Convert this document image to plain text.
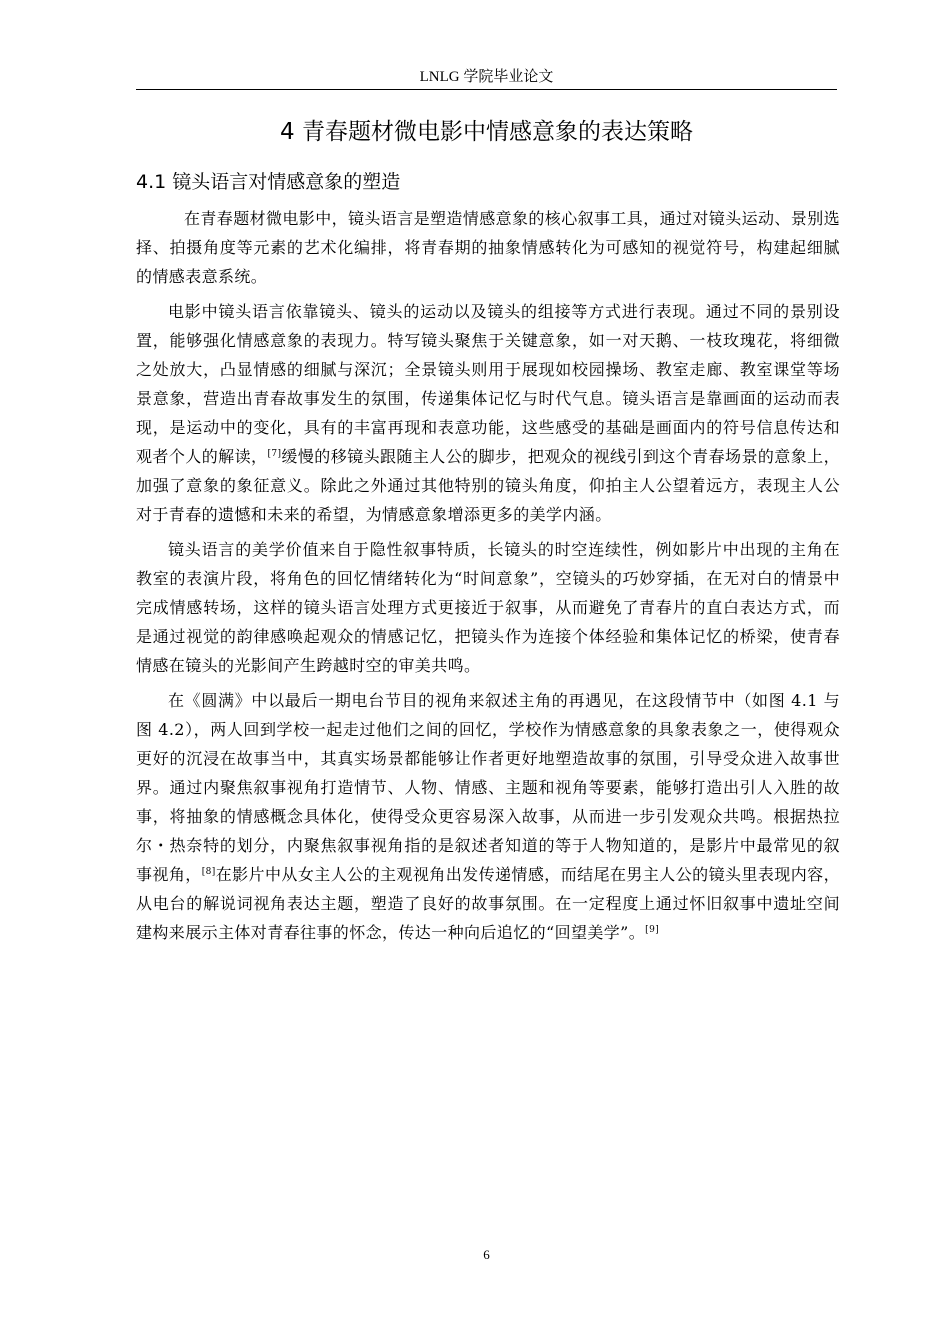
LNLG 学院毕业论文
4 青春题材微电影中情感意象的表达策略
4.1 镜头语言对情感意象的塑造

在青春题材微电影中，镜头语言是塑造情感意象的核心叙事工具，通过对镜头运动、景别选择、拍摄角度等元素的艺术化编排，将青春期的抽象情感转化为可感知的视觉符号，构建起细腻的情感表意系统。

电影中镜头语言依靠镜头、镜头的运动以及镜头的组接等方式进行表现。通过不同的景别设置，能够强化情感意象的表现力。特写镜头聚焦于关键意象，如一对天鹅、一枝玫瑰花，将细微之处放大，凸显情感的细腻与深沉；全景镜头则用于展现如校园操场、教室走廊、教室课堂等场景意象，营造出青春故事发生的氛围，传递集体记忆与时代气息。镜头语言是靠画面的运动而表现，是运动中的变化，具有的丰富再现和表意功能，这些感受的基础是画面内的符号信息传达和观者个人的解读，[7]缓慢的移镜头跟随主人公的脚步，把观众的视线引到这个青春场景的意象上，加强了意象的象征意义。除此之外通过其他特别的镜头角度，仰拍主人公望着远方，表现主人公对于青春的遗憾和未来的希望，为情感意象增添更多的美学内涵。

镜头语言的美学价值来自于隐性叙事特质，长镜头的时空连续性，例如影片中出现的主角在教室的表演片段，将角色的回忆情绪转化为“时间意象”，空镜头的巧妙穿插，在无对白的情景中完成情感转场，这样的镜头语言处理方式更接近于叙事，从而避免了青春片的直白表达方式，而是通过视觉的韵律感唤起观众的情感记忆，把镜头作为连接个体经验和集体记忆的桥梁，使青春情感在镜头的光影间产生跨越时空的审美共鸣。

在《圆满》中以最后一期电台节目的视角来叙述主角的再遇见，在这段情节中（如图 4.1 与图 4.2），两人回到学校一起走过他们之间的回忆，学校作为情感意象的具象表象之一，使得观众更好的沉浸在故事当中，其真实场景都能够让作者更好地塑造故事的氛围，引导受众进入故事世界。通过内聚焦叙事视角打造情节、人物、情感、主题和视角等要素，能够打造出引人入胜的故事，将抽象的情感概念具体化，使得受众更容易深入故事，从而进一步引发观众共鸣。根据热拉尔・热奈特的划分，内聚焦叙事视角指的是叙述者知道的等于人物知道的，是影片中最常见的叙事视角，[8]在影片中从女主人公的主观视角出发传递情感，而结尾在男主人公的镜头里表现内容，从电台的解说词视角表达主题，塑造了良好的故事氛围。在一定程度上通过怀旧叙事中遗址空间建构来展示主体对青春往事的怀念，传达一种向后追忆的“回望美学”。[9]

6
